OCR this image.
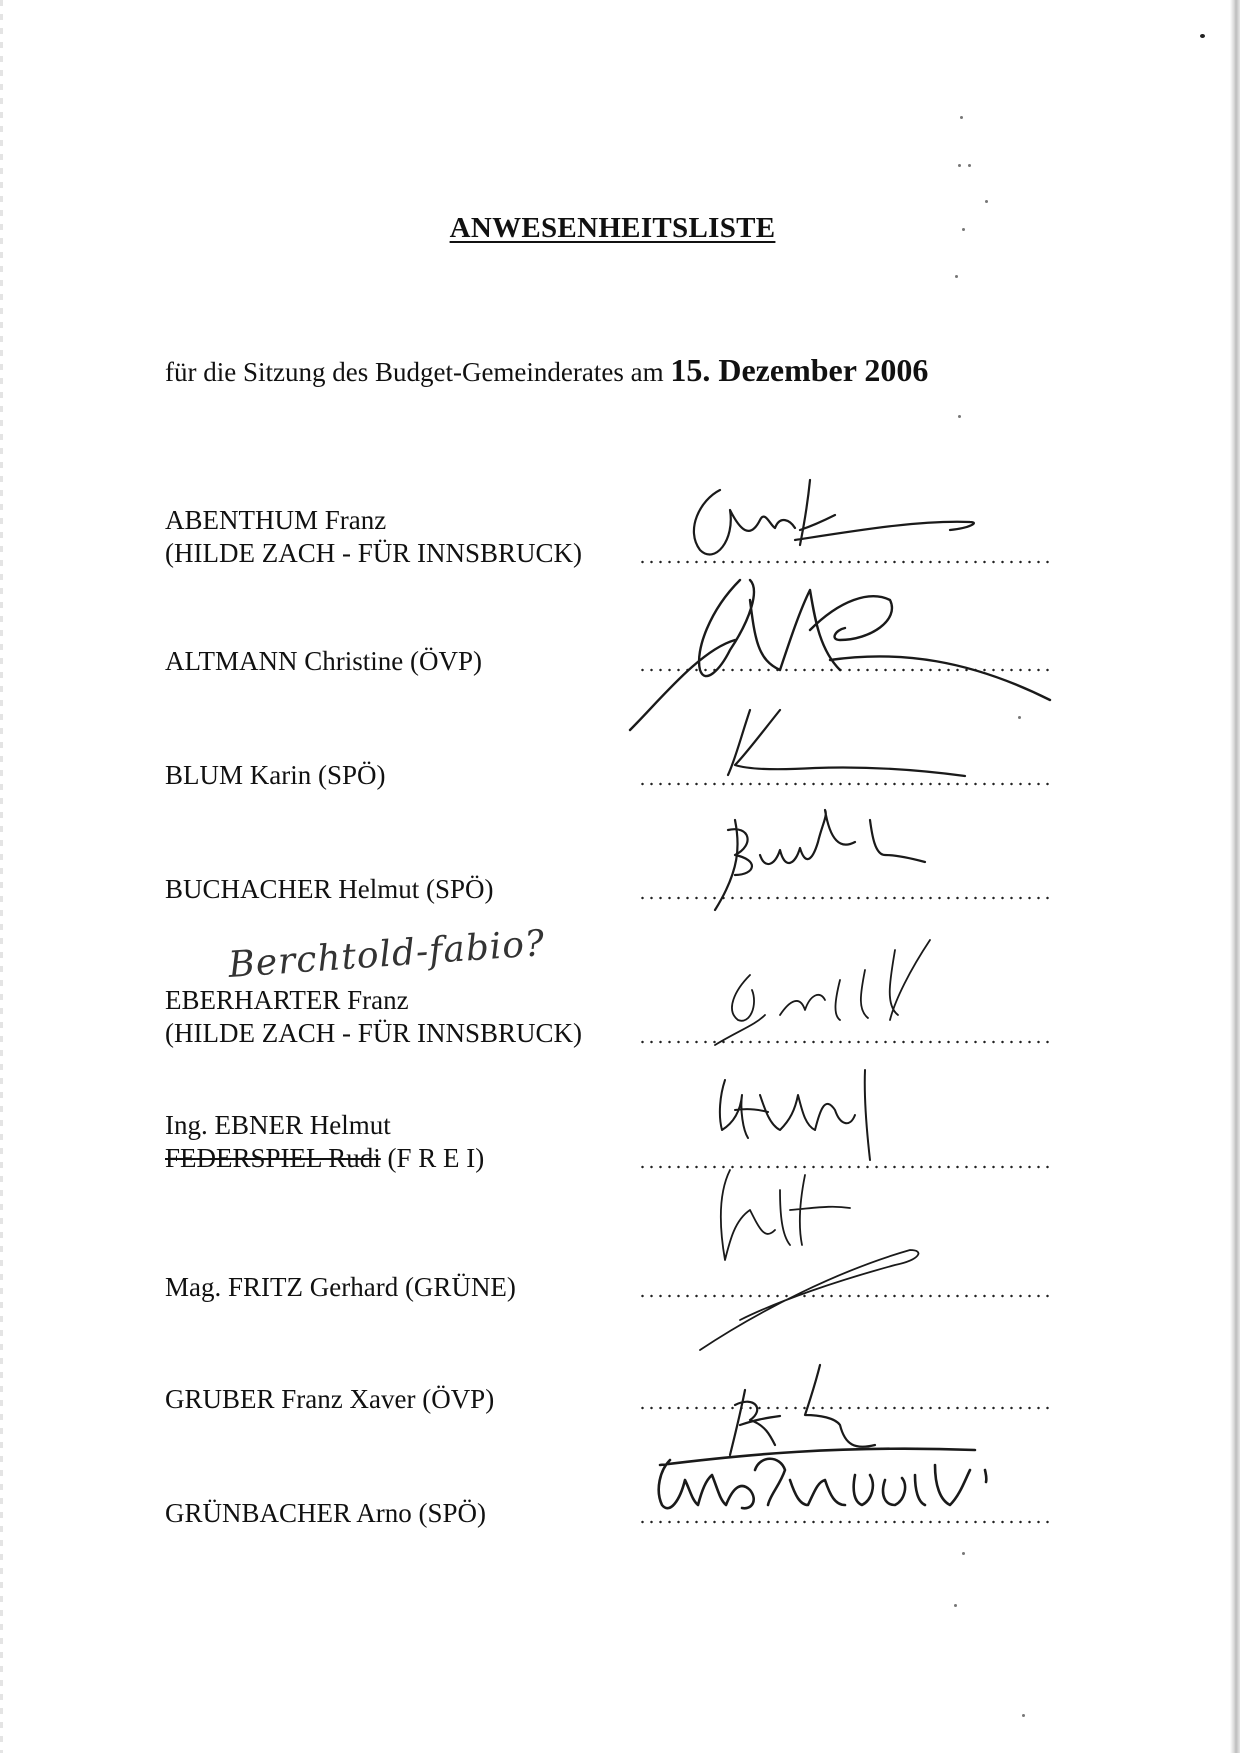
ANWESENHEITSLISTE
für die Sitzung des Budget-Gemeinderates am 15. Dezember 2006
ABENTHUM Franz
(HILDE ZACH - FÜR INNSBRUCK)
ALTMANN Christine (ÖVP)
BLUM Karin (SPÖ)
BUCHACHER Helmut (SPÖ)
EBERHARTER Franz
(HILDE ZACH - FÜR INNSBRUCK)
Ing. EBNER Helmut
FEDERSPIEL Rudi (F R E I)
Mag. FRITZ Gerhard (GRÜNE)
GRUBER Franz Xaver (ÖVP)
GRÜNBACHER Arno (SPÖ)
Berchtold-fabio?
